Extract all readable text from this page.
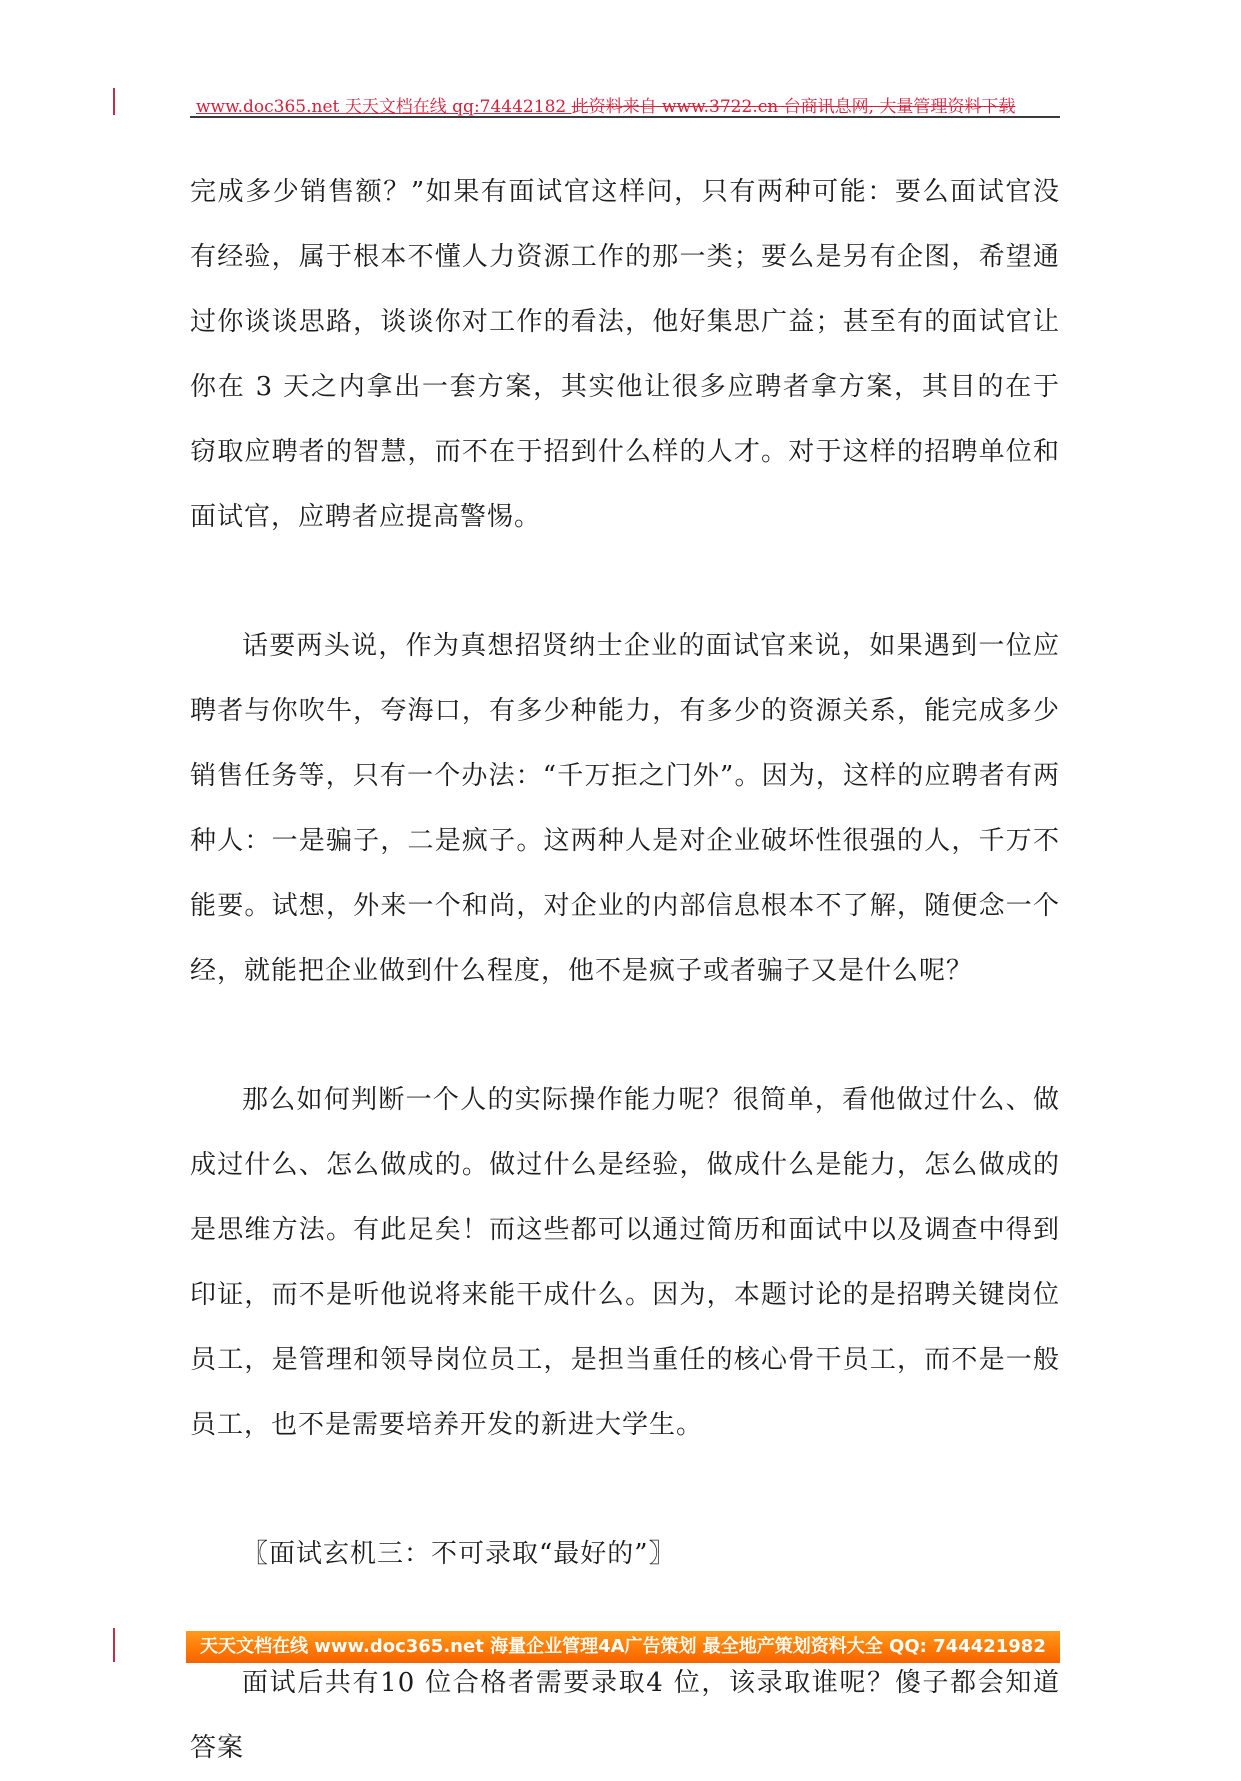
www.doc365.net 天天文档在线 qq:74442182 此资料来自 www.3722.cn 台商讯息网, 大量管理资料下载

完成多少销售额？”如果有面试官这样问，只有两种可能：要么面试官没有经验，属于根本不懂人力资源工作的那一类；要么是另有企图，希望通过你谈谈思路，谈谈你对工作的看法，他好集思广益；甚至有的面试官让你在 3 天之内拿出一套方案，其实他让很多应聘者拿方案，其目的在于窃取应聘者的智慧，而不在于招到什么样的人才。对于这样的招聘单位和面试官，应聘者应提高警惕。

话要两头说，作为真想招贤纳士企业的面试官来说，如果遇到一位应聘者与你吹牛，夸海口，有多少种能力，有多少的资源关系，能完成多少销售任务等，只有一个办法：“千万拒之门外”。因为，这样的应聘者有两种人：一是骗子，二是疯子。这两种人是对企业破坏性很强的人，千万不能要。试想，外来一个和尚，对企业的内部信息根本不了解，随便念一个经，就能把企业做到什么程度，他不是疯子或者骗子又是什么呢？

那么如何判断一个人的实际操作能力呢？很简单，看他做过什么、做成过什么、怎么做成的。做过什么是经验，做成什么是能力，怎么做成的是思维方法。有此足矣！而这些都可以通过简历和面试中以及调查中得到印证，而不是听他说将来能干成什么。因为，本题讨论的是招聘关键岗位员工，是管理和领导岗位员工，是担当重任的核心骨干员工，而不是一般员工，也不是需要培养开发的新进大学生。

〖面试玄机三：不可录取“最好的”〗

面试后共有10 位合格者需要录取4 位，该录取谁呢？傻子都会知道答案

天天文档在线 www.doc365.net 海量企业管理4A广告策划 最全地产策划资料大全 QQ: 744421982
